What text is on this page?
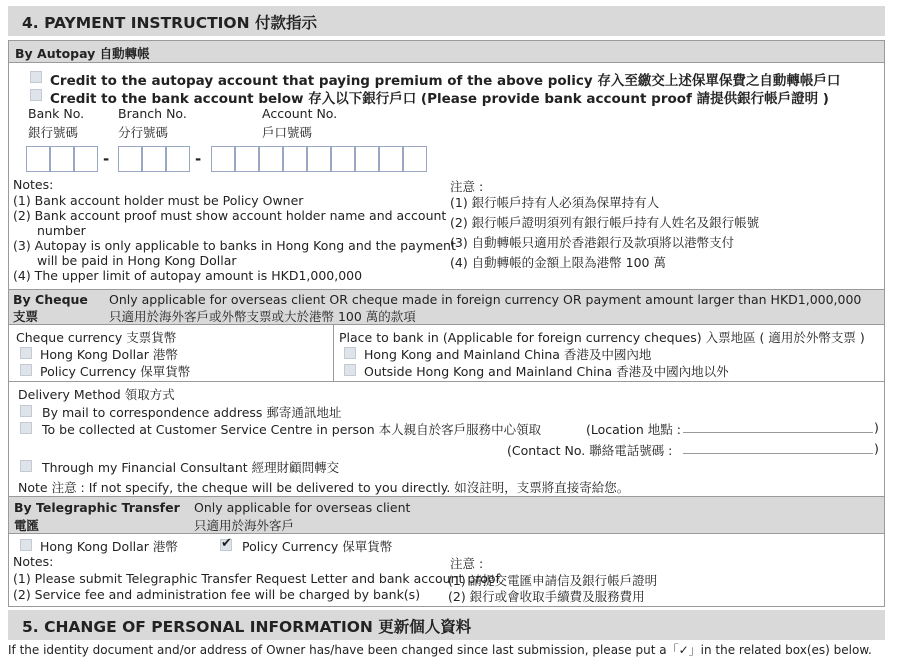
4. PAYMENT INSTRUCTION 付款指示
By Autopay 自動轉帳
Credit to the autopay account that paying premium of the above policy 存入至繳交上述保單保費之自動轉帳戶口
Credit to the bank account below 存入以下銀行戶口 (Please provide bank account proof 請提供銀行帳戶證明 )
Bank No.
銀行號碼
Branch No.
分行號碼
Account No.
戶口號碼
-	-
Notes:
(1) Bank account holder must be Policy Owner
(2) Bank account proof must show account holder name and account
number
(3) Autopay is only applicable to banks in Hong Kong and the payment
will be paid in Hong Kong Dollar
(4) The upper limit of autopay amount is HKD1,000,000
注意 :
(1) 銀行帳戶持有人必須為保單持有人
(2) 銀行帳戶證明須列有銀行帳戶持有人姓名及銀行帳號
(3) 自動轉帳只適用於香港銀行及款項將以港幣支付
(4) 自動轉帳的金額上限為港幣 100 萬
By Cheque
支票
Only applicable for overseas client OR cheque made in foreign currency OR payment amount larger than HKD1,000,000
只適用於海外客戶或外幣支票或大於港幣 100 萬的款項
Cheque currency 支票貨幣
Hong Kong Dollar 港幣
Policy Currency 保單貨幣
Place to bank in (Applicable for foreign currency cheques) 入票地區 ( 適用於外幣支票 )
Hong Kong and Mainland China 香港及中國內地
Outside Hong Kong and Mainland China 香港及中國內地以外
Delivery Method 領取方式
By mail to correspondence address 郵寄通訊地址
To be collected at Customer Service Centre in person 本人親自於客戶服務中心領取	(Location 地點 :	)
(Contact No. 聯絡電話號碼 :	)
Through my Financial Consultant 經理財顧問轉交
Note 注意 : If not specify, the cheque will be delivered to you directly. 如沒註明，支票將直接寄給您。
By Telegraphic Transfer
電匯
Only applicable for overseas client
只適用於海外客戶
Hong Kong Dollar 港幣	✔ Policy Currency 保單貨幣
Notes:
(1) Please submit Telegraphic Transfer Request Letter and bank account proof
(2) Service fee and administration fee will be charged by bank(s)
注意 :
(1) 請提交電匯申請信及銀行帳戶證明
(2) 銀行或會收取手續費及服務費用
5. CHANGE OF PERSONAL INFORMATION 更新個人資料
If the identity document and/or address of Owner has/have been changed since last submission, please put a「✓」in the related box(es) below.
